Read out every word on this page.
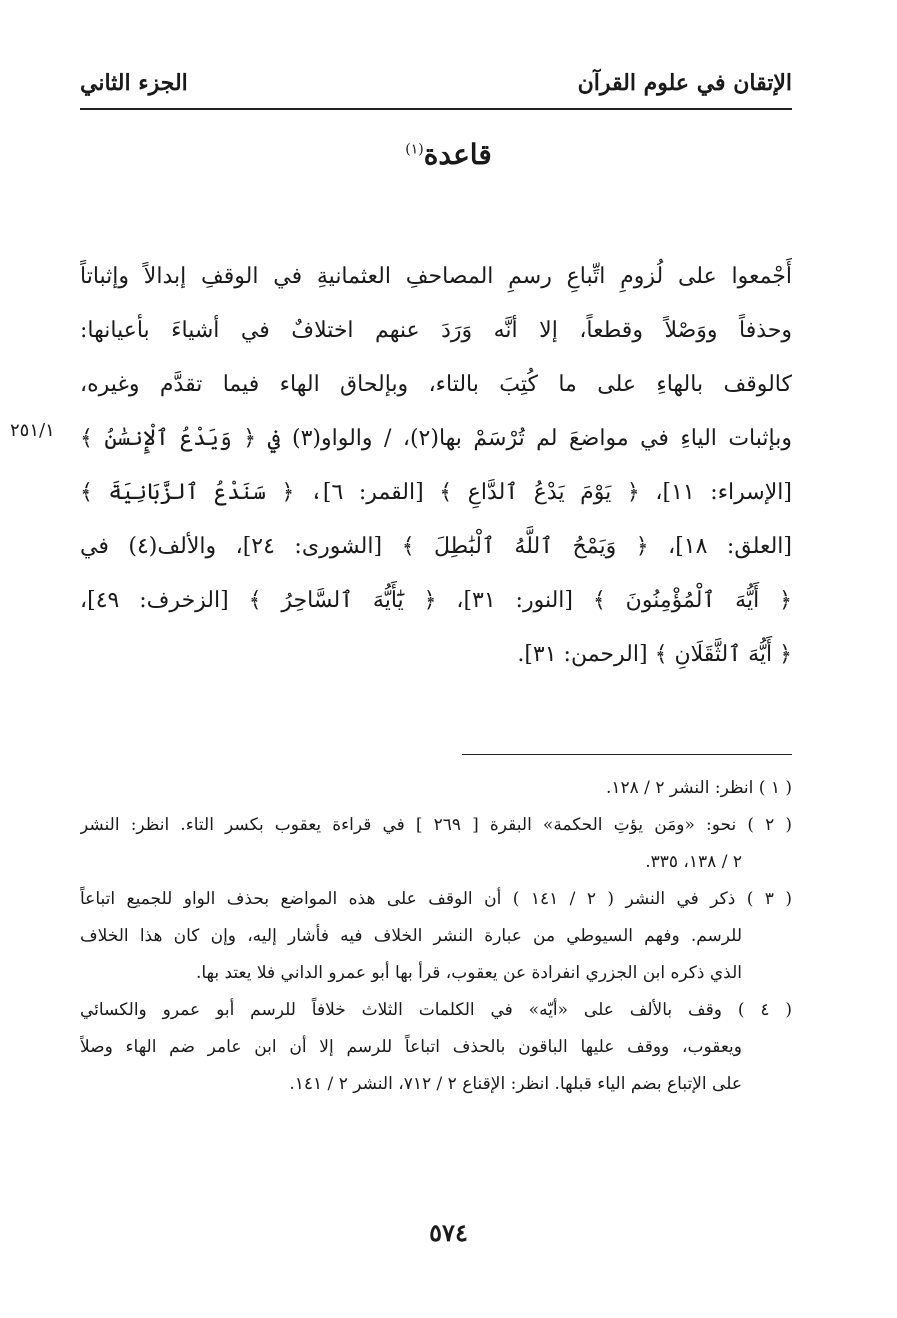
الإتقان في علوم القرآن
الجزء الثاني
قاعدة$^{(١)}$
أَجْمعوا على لُزومِ اتِّباعِ رسمِ المصاحفِ العثمانيةِ في الوقفِ إبدالاً وإثباتاً
وحذفاً ووَصْلاً وقطعاً، إلا أنَّه وَرَدَ عنهم اختلافٌ في أشياءَ بأعيانها:
كالوقف بالهاءِ على ما كُتِبَ بالتاء، وبإلحاق الهاء فيما تقدَّم وغيره،
وبإثبات الياءِ في مواضعَ لم تُرْسَمْ بها(٢)، / والواو(٣) في ﴿ وَيَدْعُ ٱلْإِنسَٰنُ ﴾
[الإسراء: ١١]، ﴿ يَوْمَ يَدْعُ ٱلدَّاعِ ﴾ [القمر: ٦]، ﴿ سَنَدْعُ ٱلزَّبَانِيَةَ ﴾
[العلق: ١٨]، ﴿ وَيَمْحُ ٱللَّهُ ٱلْبَٰطِلَ ﴾ [الشورى: ٢٤]، والألف(٤) في
﴿ أَيُّهَ ٱلْمُؤْمِنُونَ ﴾ [النور: ٣١]، ﴿ يَٰٓأَيُّهَ ٱلسَّاحِرُ ﴾ [الزخرف: ٤٩]،
﴿ أَيُّهَ ٱلثَّقَلَانِ ﴾ [الرحمن: ٣١].
٢٥١/١
( ١ ) انظر: النشر ٢ / ١٢٨.
( ٢ ) نحو: «ومَن يؤتِ الحكمة» البقرة [ ٢٦٩ ] في قراءة يعقوب بكسر التاء. انظر: النشر
٢ / ١٣٨، ٣٣٥.
( ٣ ) ذكر في النشر ( ٢ / ١٤١ ) أن الوقف على هذه المواضع بحذف الواو للجميع اتباعاً
للرسم. وفهم السيوطي من عبارة النشر الخلاف فيه فأشار إليه، وإن كان هذا الخلاف
الذي ذكره ابن الجزري انفرادة عن يعقوب، قرأ بها أبو عمرو الداني فلا يعتد بها.
( ٤ ) وقف بالألف على «أيّه» في الكلمات الثلاث خلافاً للرسم أبو عمرو والكسائي
ويعقوب، ووقف عليها الباقون بالحذف اتباعاً للرسم إلا أن ابن عامر ضم الهاء وصلاً
على الإتباع بضم الياء قبلها. انظر: الإقناع ٢ / ٧١٢، النشر ٢ / ١٤١.
٥٧٤
